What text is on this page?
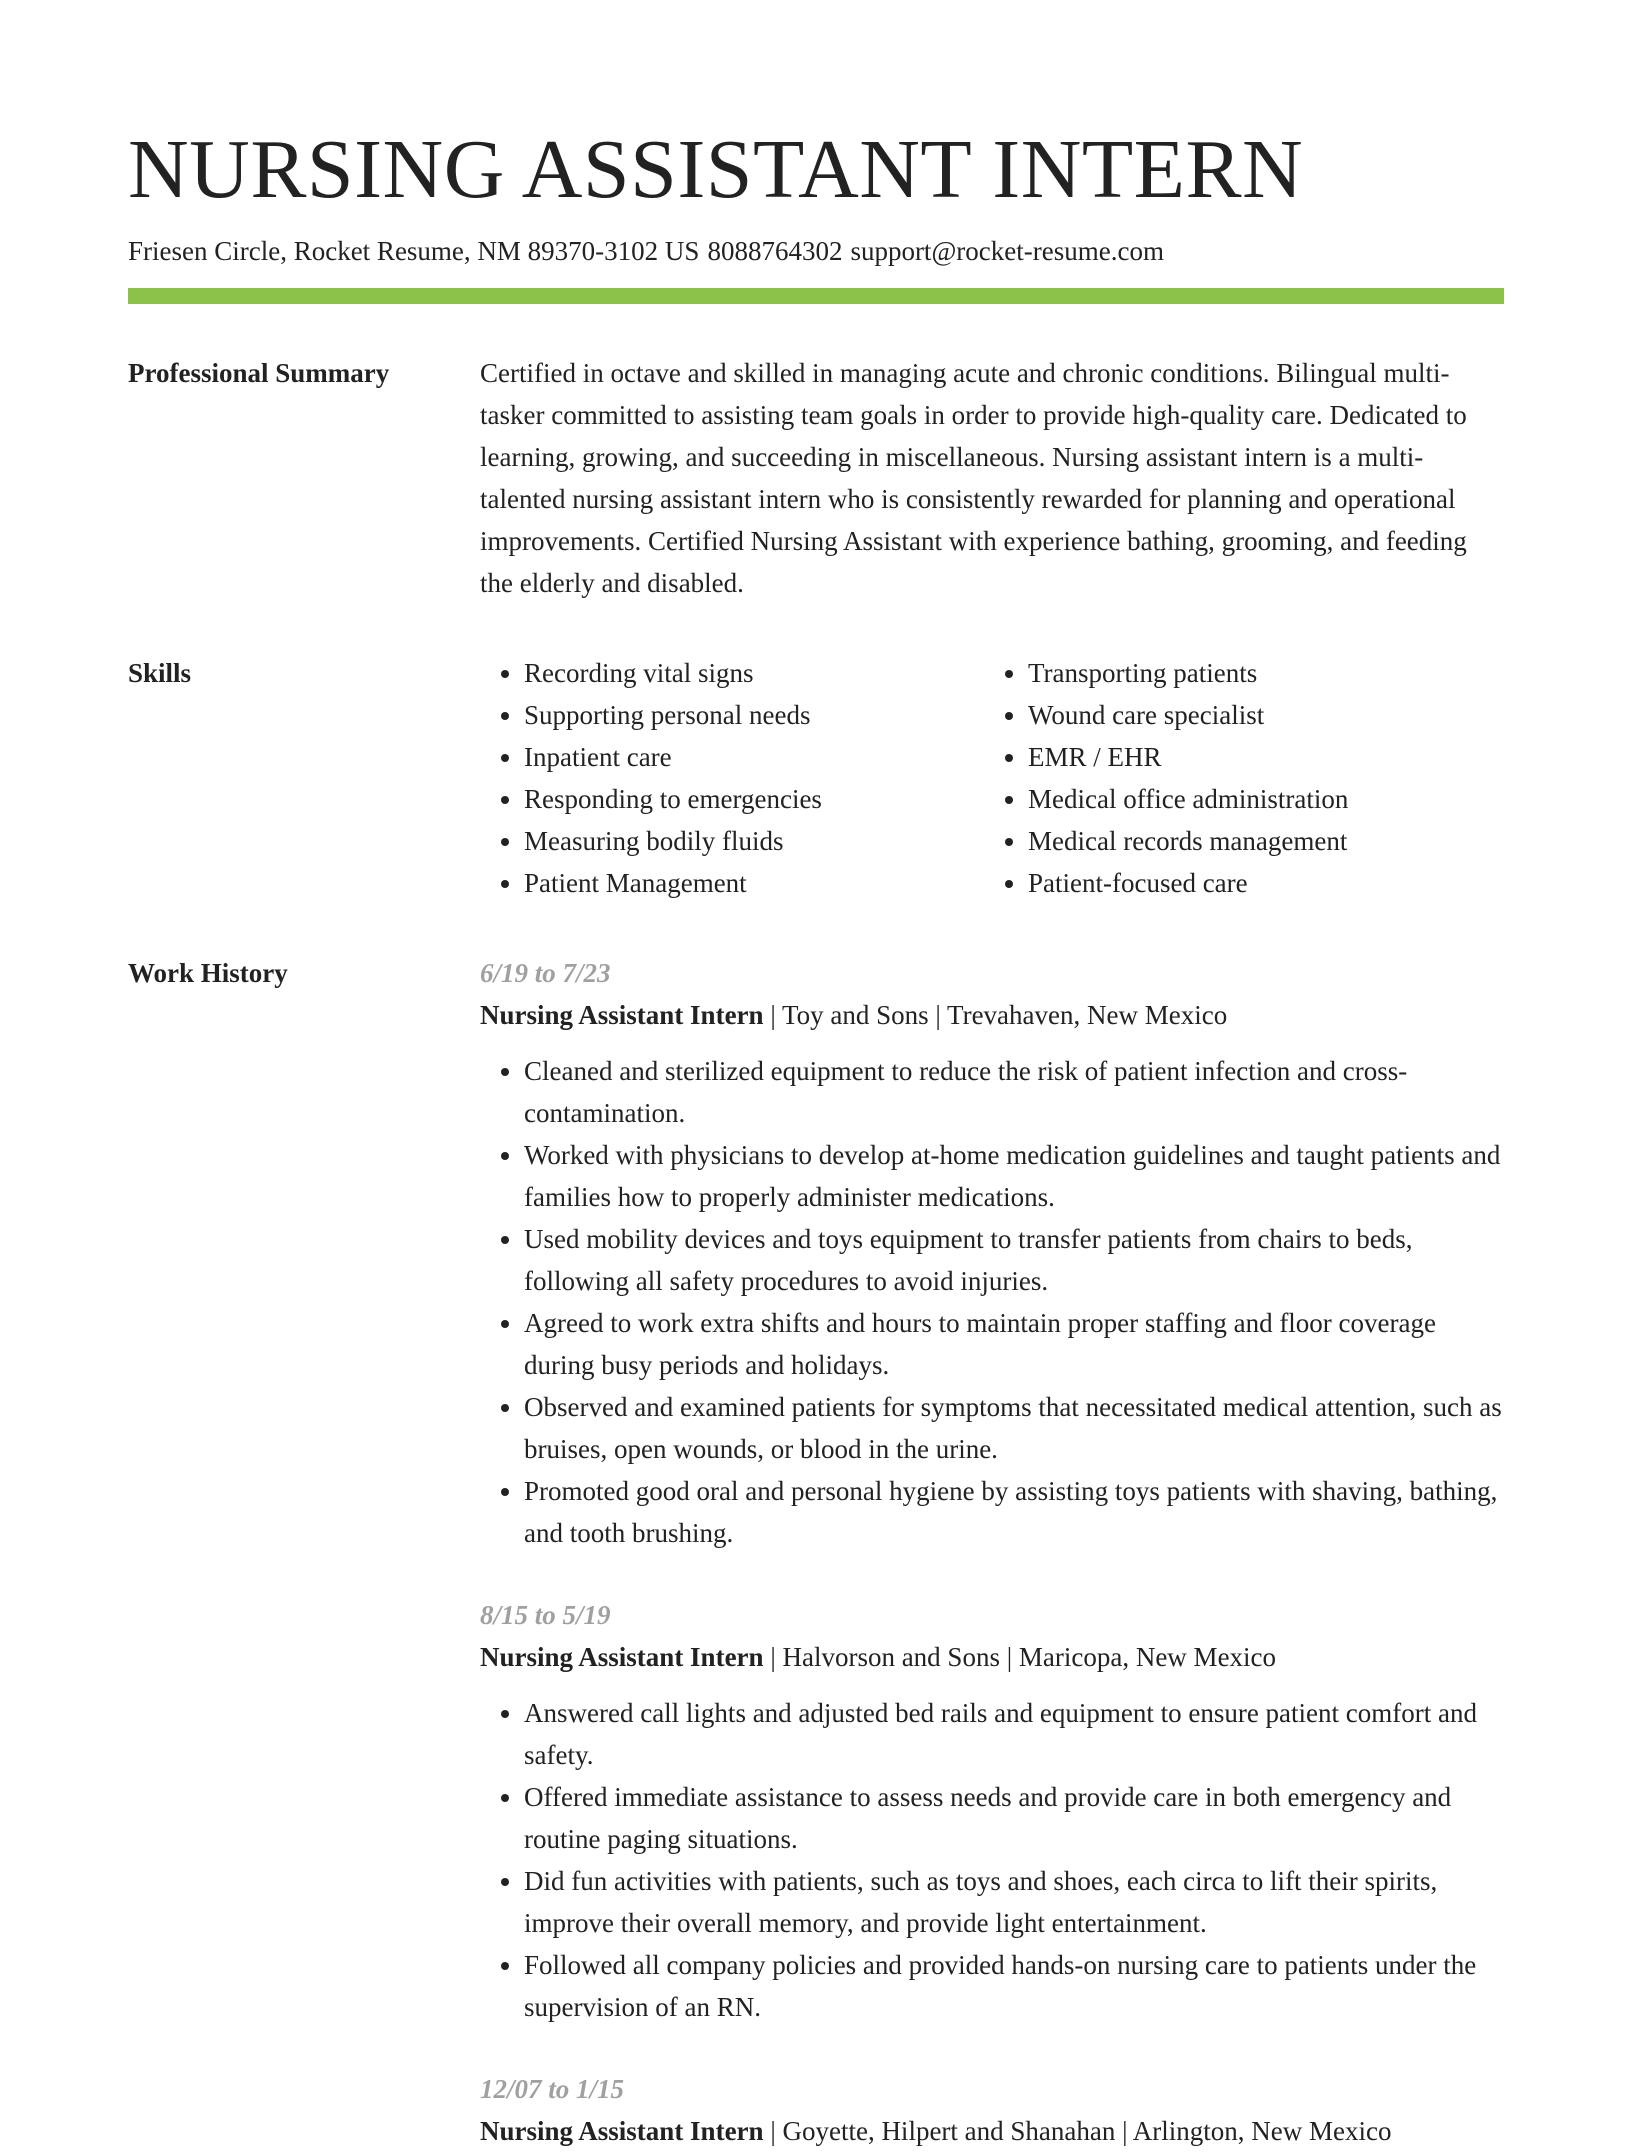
NURSING ASSISTANT INTERN
Friesen Circle, Rocket Resume, NM 89370-3102 US 8088764302 support@rocket-resume.com
Professional Summary	Certified in octave and skilled in managing acute and chronic conditions. Bilingual multi-tasker committed to assisting team goals in order to provide high-quality care. Dedicated to learning, growing, and succeeding in miscellaneous. Nursing assistant intern is a multi-talented nursing assistant intern who is consistently rewarded for planning and operational improvements. Certified Nursing Assistant with experience bathing, grooming, and feeding the elderly and disabled.

Skills
•	Recording vital signs
• Supporting personal needs
• Inpatient care
• Responding to emergencies
• Measuring bodily fluids
• Patient Management
• Transporting patients
• Wound care specialist
• EMR / EHR
• Medical office administration
• Medical records management
• Patient-focused care
Work History	6/19 to 7/23
Nursing Assistant Intern | Toy and Sons | Trevahaven, New Mexico
• Cleaned and sterilized equipment to reduce the risk of patient infection and cross-contamination.
• Worked with physicians to develop at-home medication guidelines and taught patients and families how to properly administer medications.
• Used mobility devices and toys equipment to transfer patients from chairs to beds, following all safety procedures to avoid injuries.
• Agreed to work extra shifts and hours to maintain proper staffing and floor coverage during busy periods and holidays.
• Observed and examined patients for symptoms that necessitated medical attention, such as bruises, open wounds, or blood in the urine.
• Promoted good oral and personal hygiene by assisting toys patients with shaving, bathing, and tooth brushing.
8/15 to 5/19
Nursing Assistant Intern | Halvorson and Sons | Maricopa, New Mexico
• Answered call lights and adjusted bed rails and equipment to ensure patient comfort and safety.
• Offered immediate assistance to assess needs and provide care in both emergency and routine paging situations.
• Did fun activities with patients, such as toys and shoes, each circa to lift their spirits, improve their overall memory, and provide light entertainment.
• Followed all company policies and provided hands-on nursing care to patients under the supervision of an RN.
12/07 to 1/15
Nursing Assistant Intern | Goyette, Hilpert and Shanahan | Arlington, New Mexico
